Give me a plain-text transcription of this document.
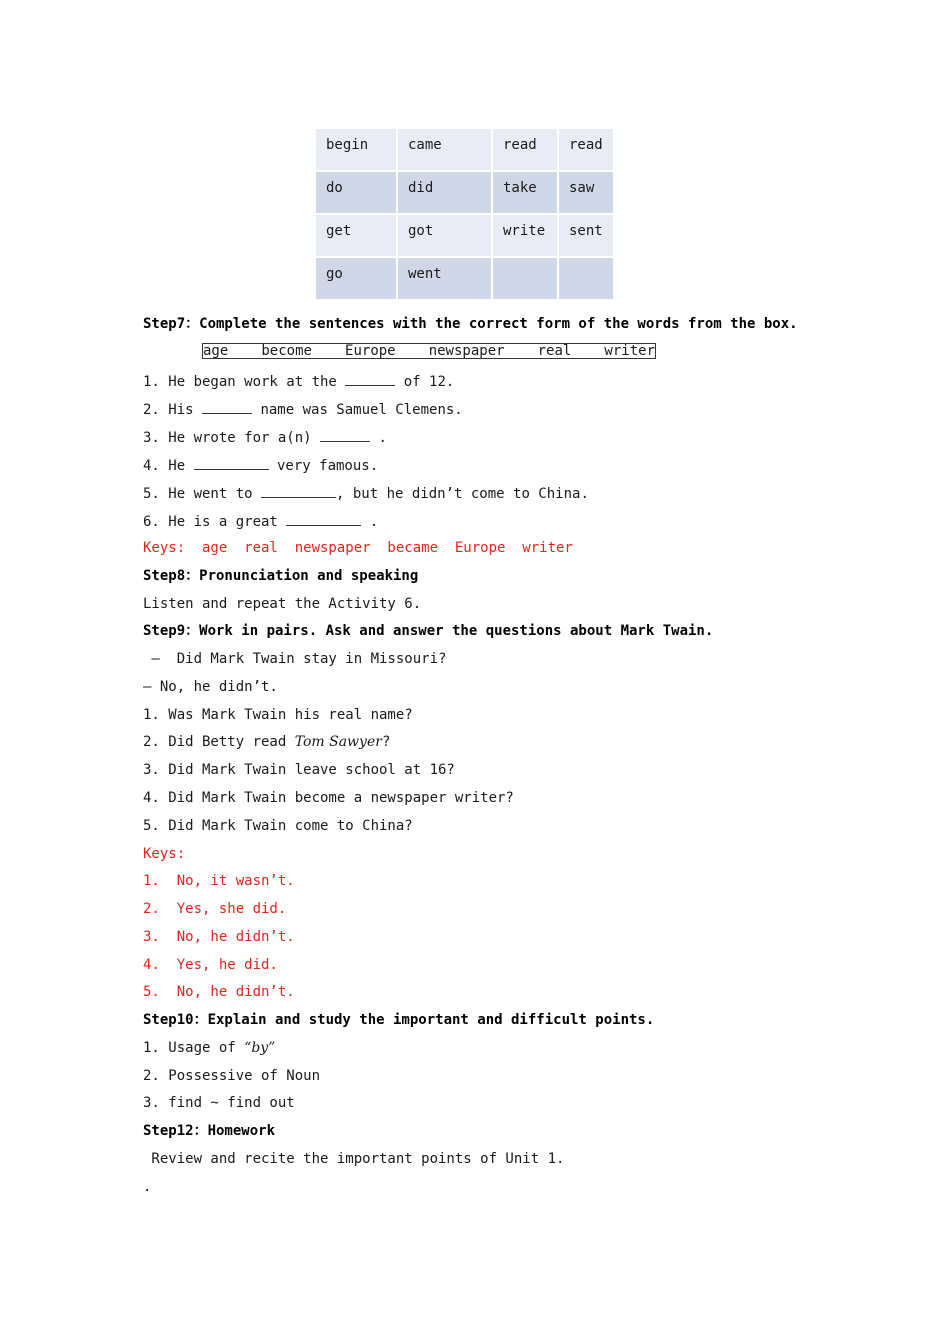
begin	came	read	read
do	did	take	saw
get	got	write	sent
go	went		
Step7：Complete the sentences with the correct form of the words from the box.
age become Europe newspaper real writer
1. He began work at the	of 12.
2. His	name was Samuel Clemens.
3. He wrote for a(n)	.
4. He	very famous.
5. He went to	, but he didn’t come to China.
6. He is a great	.
Keys:  age  real  newspaper  became  Europe  writer
Step8：Pronunciation and speaking
Listen and repeat the Activity 6.
Step9：Work in pairs. Ask and answer the questions about Mark Twain.
—  Did Mark Twain stay in Missouri?
— No, he didn’t.
1. Was Mark Twain his real name?
2. Did Betty read Tom Sawyer?
3. Did Mark Twain leave school at 16?
4. Did Mark Twain become a newspaper writer?
5. Did Mark Twain come to China?
Keys:
1.  No, it wasn’t.
2.  Yes, she did.
3.  No, he didn’t.
4.  Yes, he did.
5.  No, he didn’t.
Step10：Explain and study the important and difficult points.
1. Usage of “by”
2. Possessive of Noun
3. find ~ find out
Step12：Homework
Review and recite the important points of Unit 1.
.
